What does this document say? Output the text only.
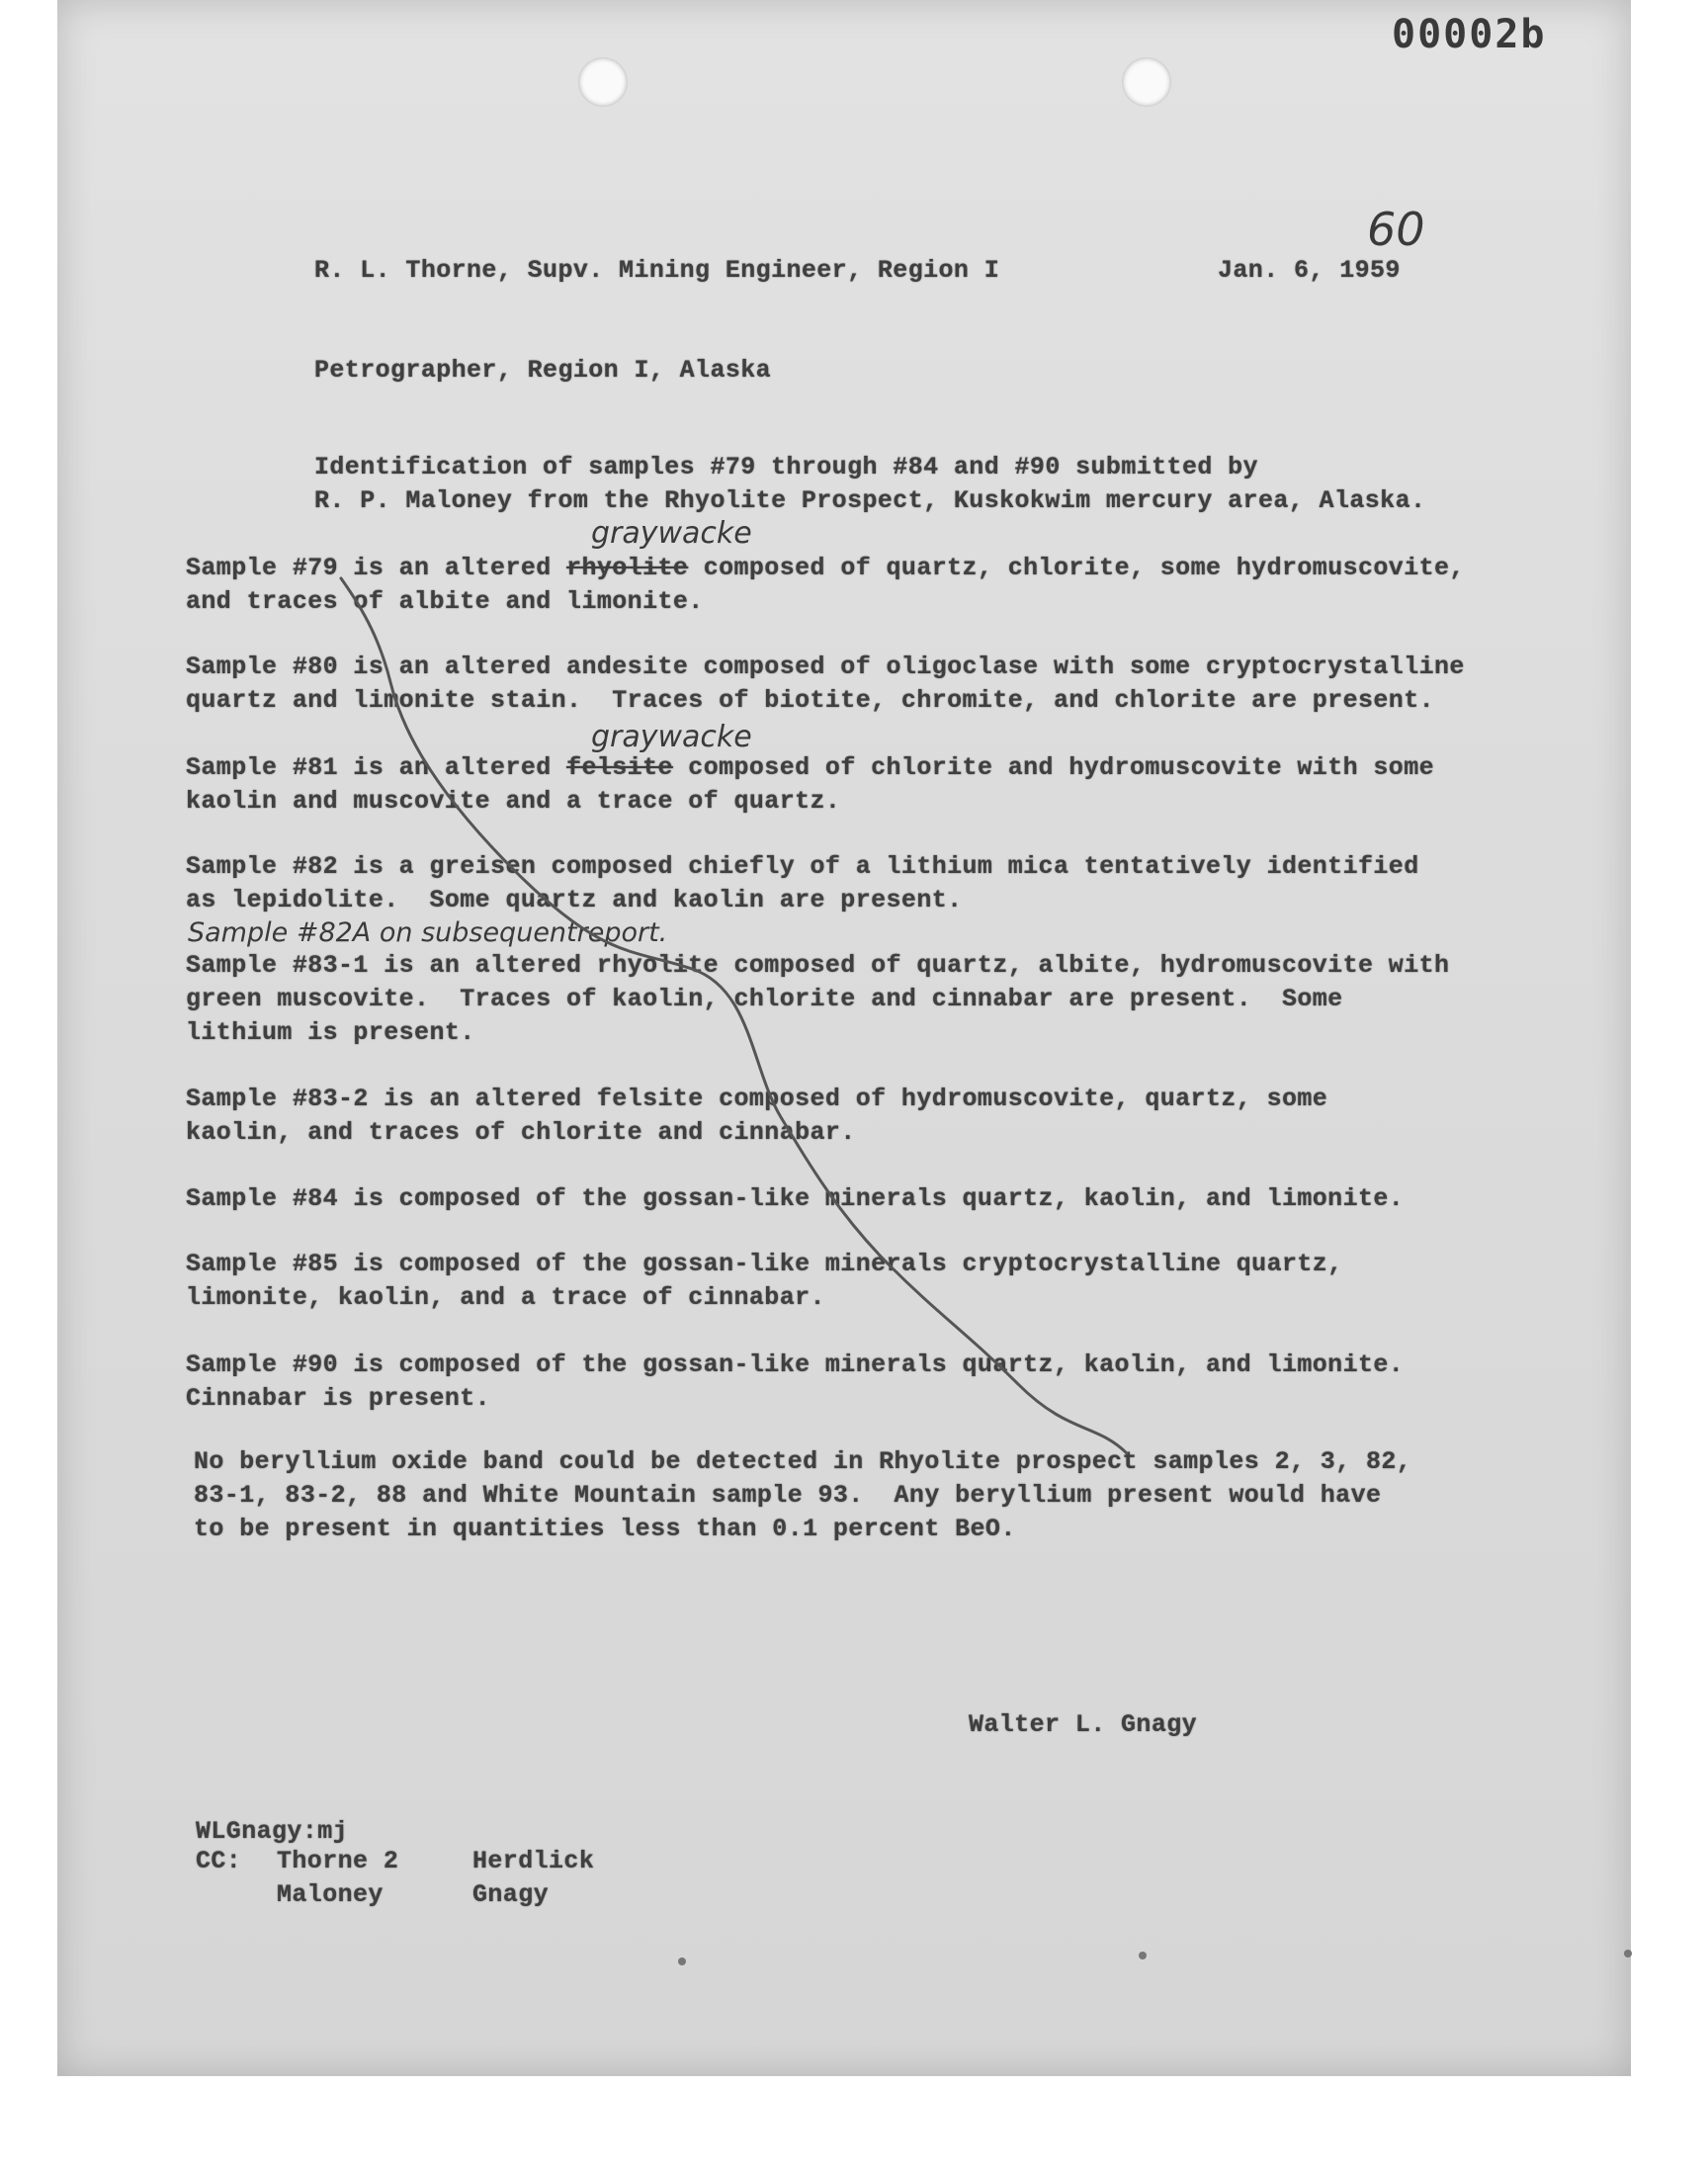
00002b
60
R. L. Thorne, Supv. Mining Engineer, Region I	Jan. 6, 1959
Petrographer, Region I, Alaska
Identification of samples #79 through #84 and #90 submitted by
R. P. Maloney from the Rhyolite Prospect, Kuskokwim mercury area, Alaska.
graywacke
Sample #79 is an altered rhyolite composed of quartz, chlorite, some hydromuscovite,
and traces of albite and limonite.
Sample #80 is an altered andesite composed of oligoclase with some cryptocrystalline
quartz and limonite stain.  Traces of biotite, chromite, and chlorite are present.
graywacke
Sample #81 is an altered felsite composed of chlorite and hydromuscovite with some
kaolin and muscovite and a trace of quartz.
Sample #82 is a greisen composed chiefly of a lithium mica tentatively identified
as lepidolite.  Some quartz and kaolin are present.
Sample #82A on subsequentreport.
Sample #83-1 is an altered rhyolite composed of quartz, albite, hydromuscovite with
green muscovite.  Traces of kaolin, chlorite and cinnabar are present.  Some
lithium is present.
Sample #83-2 is an altered felsite composed of hydromuscovite, quartz, some
kaolin, and traces of chlorite and cinnabar.
Sample #84 is composed of the gossan-like minerals quartz, kaolin, and limonite.
Sample #85 is composed of the gossan-like minerals cryptocrystalline quartz,
limonite, kaolin, and a trace of cinnabar.
Sample #90 is composed of the gossan-like minerals quartz, kaolin, and limonite.
Cinnabar is present.
No beryllium oxide band could be detected in Rhyolite prospect samples 2, 3, 82,
83-1, 83-2, 88 and White Mountain sample 93.  Any beryllium present would have
to be present in quantities less than 0.1 percent BeO.
Walter L. Gnagy
WLGnagy:mj
CC: Thorne 2
Maloney
Herdlick
Gnagy
